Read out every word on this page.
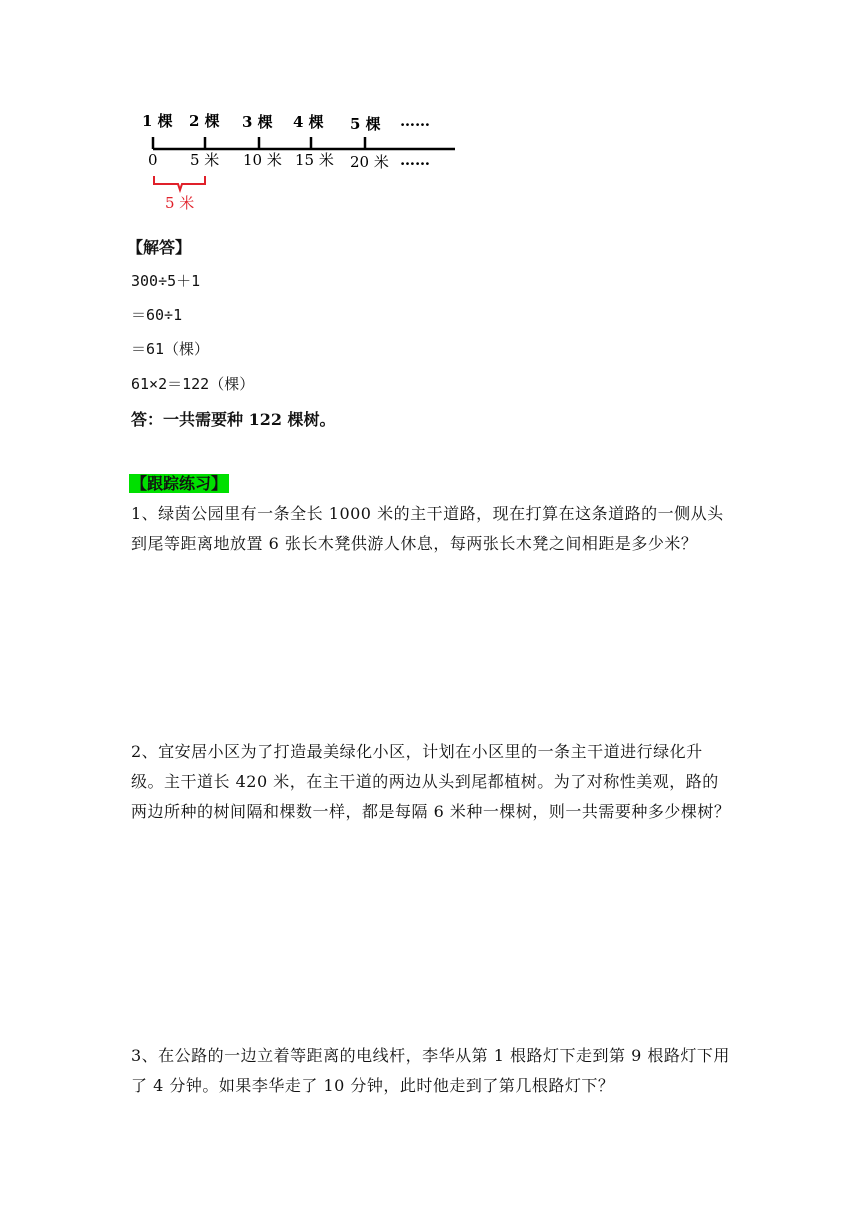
1 棵 2 棵 3 棵 4 棵 5 棵 ……
0 5 米 10 米 15 米 20 米 ……
5 米
【解答】
300÷5＋1
＝60÷1
＝61（棵）
61×2＝122（棵）
答：一共需要种 122 棵树。
【跟踪练习】
1、绿茵公园里有一条全长 1000 米的主干道路，现在打算在这条道路的一侧从头到尾等距离地放置 6 张长木凳供游人休息，每两张长木凳之间相距是多少米？
2、宜安居小区为了打造最美绿化小区，计划在小区里的一条主干道进行绿化升级。主干道长 420 米，在主干道的两边从头到尾都植树。为了对称性美观，路的两边所种的树间隔和棵数一样，都是每隔 6 米种一棵树，则一共需要种多少棵树？
3、在公路的一边立着等距离的电线杆，李华从第 1 根路灯下走到第 9 根路灯下用了 4 分钟。如果李华走了 10 分钟，此时他走到了第几根路灯下？
